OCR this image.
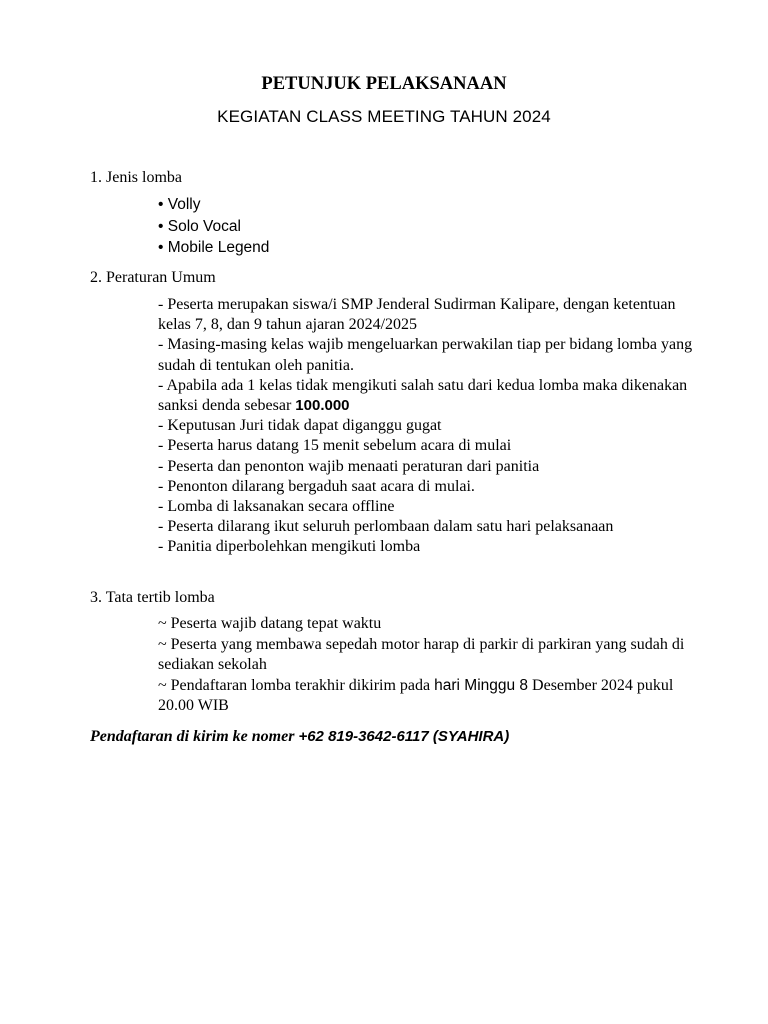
PETUNJUK PELAKSANAAN
KEGIATAN CLASS MEETING TAHUN 2024
1. Jenis lomba
• Volly
• Solo Vocal
• Mobile Legend
2. Peraturan Umum
- Peserta merupakan siswa/i SMP Jenderal Sudirman Kalipare, dengan ketentuan kelas 7, 8, dan 9 tahun ajaran 2024/2025
- Masing-masing kelas wajib mengeluarkan perwakilan tiap per bidang lomba yang sudah di tentukan oleh panitia.
- Apabila ada 1 kelas tidak mengikuti salah satu dari kedua lomba maka dikenakan sanksi denda sebesar 100.000
- Keputusan Juri tidak dapat diganggu gugat
- Peserta harus datang 15 menit sebelum acara di mulai
- Peserta dan penonton wajib menaati peraturan dari panitia
- Penonton dilarang bergaduh saat acara di mulai.
- Lomba di laksanakan secara offline
- Peserta dilarang ikut seluruh perlombaan dalam satu hari pelaksanaan
- Panitia diperbolehkan mengikuti lomba
3. Tata tertib lomba
~ Peserta wajib datang tepat waktu
~ Peserta yang membawa sepedah motor harap di parkir di parkiran yang sudah di sediakan sekolah
~ Pendaftaran lomba terakhir dikirim pada hari Minggu 8 Desember 2024 pukul 20.00 WIB
Pendaftaran di kirim ke nomer +62 819-3642-6117 (SYAHIRA)
